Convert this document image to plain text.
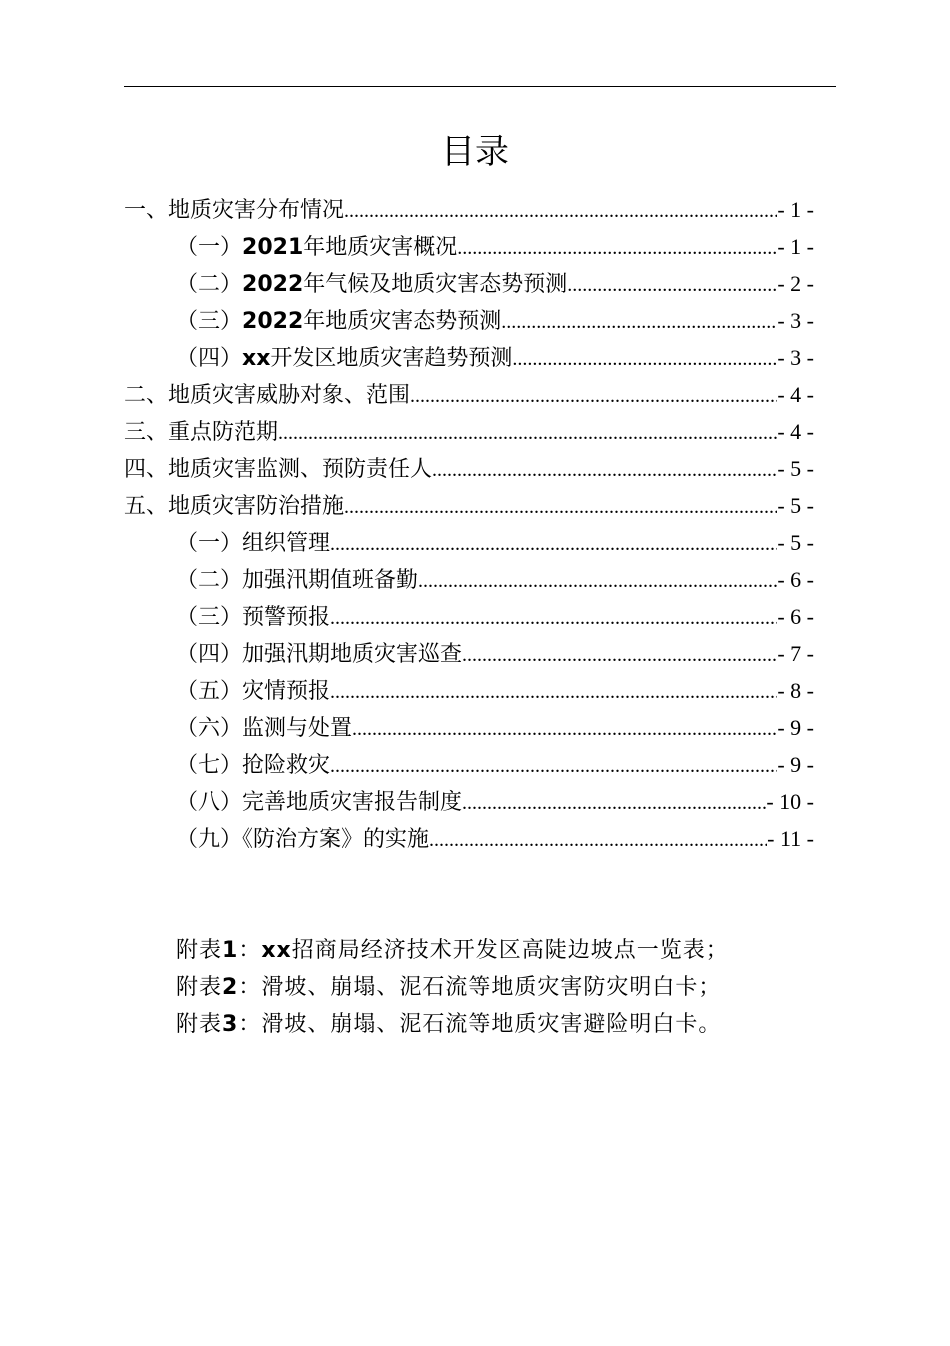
目录
一、地质灾害分布情况 .....	- 1 -
（一）2021年地质灾害概况 .....	- 1 -
（二）2022年气候及地质灾害态势预测 .....	- 2 -
（三）2022年地质灾害态势预测 .....	- 3 -
（四）xx开发区地质灾害趋势预测 .....	- 3 -
二、地质灾害威胁对象、范围 .....	- 4 -
三、重点防范期 .....	- 4 -
四、地质灾害监测、预防责任人 .....	- 5 -
五、地质灾害防治措施 .....	- 5 -
（一）组织管理 .....	- 5 -
（二）加强汛期值班备勤 .....	- 6 -
（三）预警预报 .....	- 6 -
（四）加强汛期地质灾害巡查 .....	- 7 -
（五）灾情预报 .....	- 8 -
（六）监测与处置 .....	- 9 -
（七）抢险救灾 .....	- 9 -
（八）完善地质灾害报告制度 .....	- 10 -
（九）《防治方案》的实施 .....	- 11 -
附表1：xx招商局经济技术开发区高陡边坡点一览表；
附表2：滑坡、崩塌、泥石流等地质灾害防灾明白卡；
附表3：滑坡、崩塌、泥石流等地质灾害避险明白卡。
